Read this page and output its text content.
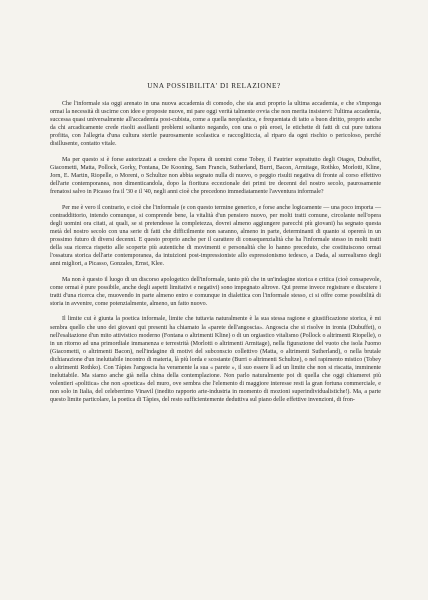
UNA POSSIBILITA' DI RELAZIONE?

Che l'informale sia oggi arenato in una nuova accademia di comodo, che sia anzi proprio la ultima accademia, e che s'imponga ormai la necessità di uscirne con idee e proposte nuove, mi pare oggi verità talmente ovvia che non merita insistervi: l'ultima accademia, successa quasi universalmente all'accademia post-cubista, come a quella neoplastica, e frequentata di tatto a buon diritto, proprio anche da chi arcadicamente crede risolti assillanti problemi soltanto negando, con una o più eroei, le etichette di fatti di cui pure tuttora profitta, con l'allegria d'una cultura sterile paurosamente scolastica e raccogliticcia, al riparo da ogni rischio o pericoloso, perché disillusente, contatto vitale.

Ma per questo si è forse autorizzati a credere che l'opera di uomini come Tobey, il Fautrier soprattutto degli Otages, Dubuffet, Giacometti, Matta, Pollock, Gorky, Fontana, De Kooning, Sam Francis, Sutherland, Burri, Bacon, Armitage, Rothko, Morlotti, Kline, Jorn, E. Martin, Riopelle, o Moreni, o Schultze non abbia segnato nulla di nuovo, o peggio risulti negativa di fronte al corso effettivo dell'arte contemporanea, non dimenticandola, dopo la fioritura eccezionale dei primi tre decenni del nostro secolo, paurosamente frenatosi salvo in Picasso fra il '30 e il '40, negli anni cioè che precedono immediatamente l'avventura informale?

Per me è vero il contrario, e cioè che l'informale (e con questo termine generico, e forse anche logicamente — una poco importa — contraddittorio, intendo comunque, si comprende bene, la vitalità d'un pensiero nuovo, per molti tratti comune, circolante nell'opera degli uomini ora citati, ai quali, se si pretendesse la completezza, dovrei almeno aggiungere parecchi più giovani) ha segnato questa metà del nostro secolo con una serie di fatti che difficilmente non saranno, almeno in parte, determinanti di quanto si opererà in un prossimo futuro di diversi decenni. E questo proprio anche per il carattere di consequenzialità che ha l'informale stesso in molti tratti della sua ricerca rispetto alle scoperte più autentiche di movimenti e personalità che lo hanno preceduto, che costituiscono ormai l'ossatura storica dell'arte contemporanea, da intuizioni post-impressioniste allo espressionismo tedesco, a Dada, al surrealismo degli anni migliori, a Picasso, Gonzales, Ernst, Klee.

Ma non è questo il luogo di un discorso apologetico dell'informale, tanto più che in un'indagine storica e critica (cioè consapevole, come ormai è pure possibile, anche degli aspetti limitativi e negativi) sono impegnato altrove. Qui preme invece registrare e discutere i tratti d'una ricerca che, muovendo in parte almeno entro e comunque in dialettica con l'informale stesso, ci si offre come possibilità di storia in avvenire, come potenzialmente, almeno, un fatto nuovo.

Il limite cui è giunta la poetica informale, limite che tuttavia naturalmente è la sua stessa ragione e giustificazione storica, è mi sembra quello che uno dei giovani qui presenti ha chiamato la «parete dell'angoscia». Angoscia che si risolve in ironia (Dubuffet), o nell'esaltazione d'un mito attivistico moderno (Fontana o altrimenti Kline) o di un orgiastico vitalismo (Pollock o altrimenti Riopelle), o in un ritorno ad una primordiale immanenza e terrestrità (Morlotti o altrimenti Armitage), nella figurazione del vuoto che isola l'uomo (Giacometti, o altrimenti Bacon), nell'indagine di motivi del subconscio collettivo (Matta, o altrimenti Sutherland), o nella brutale dichiarazione d'un ineluttabile incontro di materia, là più lorda e scostante (Burri o altrimenti Schultze), o nel rapimento mistico (Tobey o altrimenti Rothko). Con Tàpies l'angoscia ha veramente la sua « parete », il suo essere lì ad un limite che non si riscatta, imminente ineluttabile. Ma siamo anche già nella china della contemplazione. Non parlo naturalmente poi di quella che oggi chiamerei più volentieri «politica» che non «poetica» del muro, ove sembra che l'elemento di maggiore interesse resti la gran fortuna commerciale, e non solo in Italia, del celeberrimo Vinavil (inedito rapporto arte-industria in momento di mozioni superindividualistiche!). Ma, a parte questo limite particolare, la poetica di Tàpies, del resto sufficientemente deduttiva sul piano delle effettive invenzioni, di fron-
